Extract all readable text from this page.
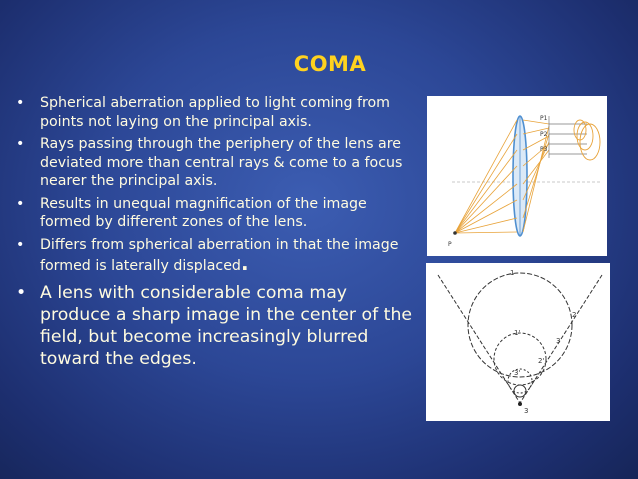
COMA
• Spherical aberration applied to light coming from points not laying on the principal axis.
• Rays passing through the periphery of the lens are deviated more than central rays & come to a focus nearer the principal axis.
• Results in unequal magnification of the image formed by different zones of the lens.
• Differs from spherical aberration in that the image formed is laterally displaced.
• A lens with considerable coma may produce a sharp image in the center of the field, but become increasingly blurred toward the edges.
P
P1
P2
P3
1
2
3
1'
2'
3'
3
